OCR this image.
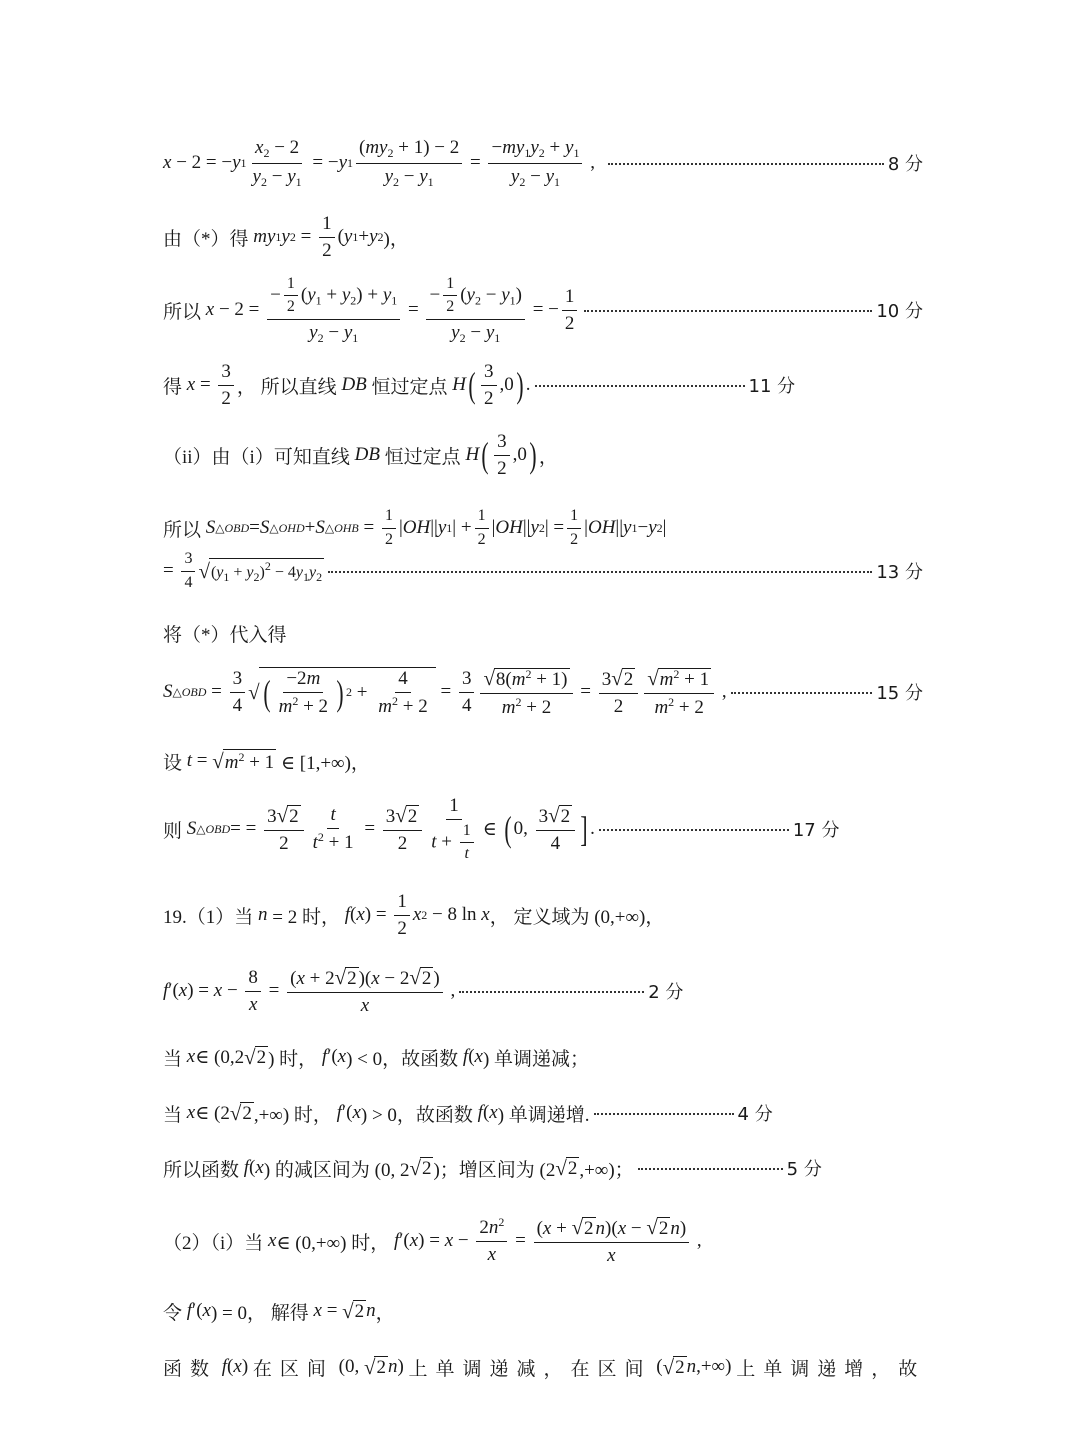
x − 2 = − y $1 \frac{x_2 - 2}{y_2 - y_1}$ = − y $1 \frac{(my_2 + 1) - 2}{y_2 - y_1} = \frac{-my_1y_2 + y_1}{y_2 - y_1}$ ,	8 分
由（*）得 my 1 y $2 = \frac{1}{2}$ ( y 1 + y 2 )，
所以 $x - 2 = \frac{- \frac{1}{2} (y_1 + y_2) + y_1}{y_2 - y_1} = \frac{- \frac{1}{2} (y_2 - y_1)}{y_2 - y_1}$ = − $\frac{1}{2}$	10 分
得 $x = \frac{3}{2}$ ， 所以直线 DB 恒过定点 H ( $\frac{3}{2} ,0$ ) .	11 分
（ii）由（i）可知直线 DB 恒过定点 H ( $\frac{3}{2} ,0$ ) ，
所以 S △OBD = S △OHD + S △OHB = $\frac{1}{2}$ | OH || y 1 | + $\frac{1}{2}$ | OH || y 2 | = $\frac{1}{2}$ | OH || y 1 − y 2 |
= $\frac{3}{4}$ √ $(y_1 + y_2)^2 - 4y_1y_2$	13 分
将（*）代入得
S △OBD = $\frac{3}{4}$ √ ( $\frac{-2m}{m^2 + 2}$ ) $2 + \frac{4}{m^2 + 2} = \frac{3}{4} \frac{√8(m^2 + 1)}{m^2 + 2} = \frac{3√2}{2} \frac{√m^2 + 1}{m^2 + 2}$ ,	15 分
设 t = √ $m^2 + 1$ ∈ [1,+∞)，
则 S △OBD = = $\frac{3√2}{2} \frac{t}{t^2 + 1} = \frac{3√2}{2} \frac{1}{t + \frac{1}{t}}$ ∈ ( 0, $\frac{3√2}{4}$ ] .	17 分
19.（1）当 n = 2 时， f ( x ) = $\frac{1}{2}$ x 2 − 8 ln x ， 定义域为 (0,+∞)，
f ′( x ) = $x - \frac{8}{x} = \frac{(x + 2√2 )(x - 2√2 )}{x}$ ,	2 分
当 x ∈ (0,2 √ 2 ) 时， f ′( x ) < 0，故函数 f ( x ) 单调递减；
当 x ∈ (2 √ 2 ,+∞) 时， f ′( x ) > 0，故函数 f ( x ) 单调递增.	4 分
所以函数 f ( x ) 的减区间为 (0, 2 √ 2 )；增区间为 (2 √ 2 ,+∞)；	5 分
（2）（i）当 x ∈ (0,+∞) 时， f ′( x ) = $x - \frac{2n^2}{x} = \frac{(x + √2 n)(x - √2 n)}{x}$ ,
令 f ′( x ) = 0， 解得 x = √ 2 n ，
函数
f ( x ) 在区间 (0, √ 2 n ) 上单调递减，在区间 ( √ 2 n ,+∞) 上单调递增，故
